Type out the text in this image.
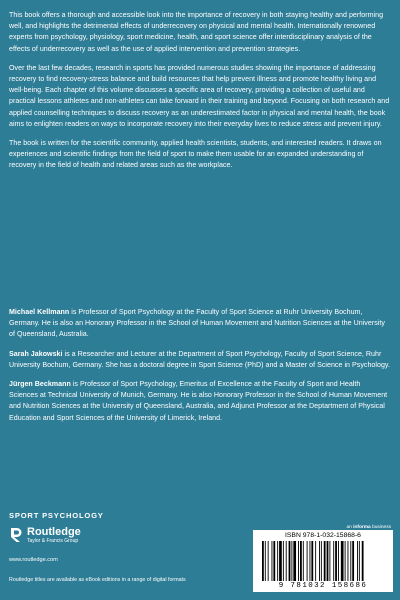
This book offers a thorough and accessible look into the importance of recovery in both staying healthy and performing well, and highlights the detrimental effects of underrecovery on physical and mental health. Internationally renowned experts from psychology, physiology, sport medicine, health, and sport science offer interdisciplinary analysis of the effects of underrecovery as well as the use of applied intervention and prevention strategies.

Over the last few decades, research in sports has provided numerous studies showing the importance of addressing recovery to find recovery-stress balance and build resources that help prevent illness and promote healthy living and well-being. Each chapter of this volume discusses a specific area of recovery, providing a collection of useful and practical lessons athletes and non-athletes can take forward in their training and beyond. Focusing on both research and applied counselling techniques to discuss recovery as an underestimated factor in physical and mental health, the book aims to enlighten readers on ways to incorporate recovery into their everyday lives to reduce stress and prevent injury.

The book is written for the scientific community, applied health scientists, students, and interested readers. It draws on experiences and scientific findings from the field of sport to make them usable for an expanded understanding of recovery in the field of health and related areas such as the workplace.

Michael Kellmann is Professor of Sport Psychology at the Faculty of Sport Science at Ruhr University Bochum, Germany. He is also an Honorary Professor in the School of Human Movement and Nutrition Sciences at the University of Queensland, Australia.

Sarah Jakowski is a Researcher and Lecturer at the Department of Sport Psychology, Faculty of Sport Science, Ruhr University Bochum, Germany. She has a doctoral degree in Sport Science (PhD) and a Master of Science in Psychology.

Jürgen Beckmann is Professor of Sport Psychology, Emeritus of Excellence at the Faculty of Sport and Health Sciences at Technical University of Munich, Germany. He is also Honorary Professor in the School of Human Movement and Nutrition Sciences at the University of Queensland, Australia, and Adjunct Professor at the Deptartment of Physical Education and Sport Sciences of the University of Limerick, Ireland.

SPORT PSYCHOLOGY
an informa business
Routledge
Taylor & Francis Group
www.routledge.com
Routledge titles are available as eBook editions in a range of digital formats
ISBN 978-1-032-15868-6
9 781032 158686
